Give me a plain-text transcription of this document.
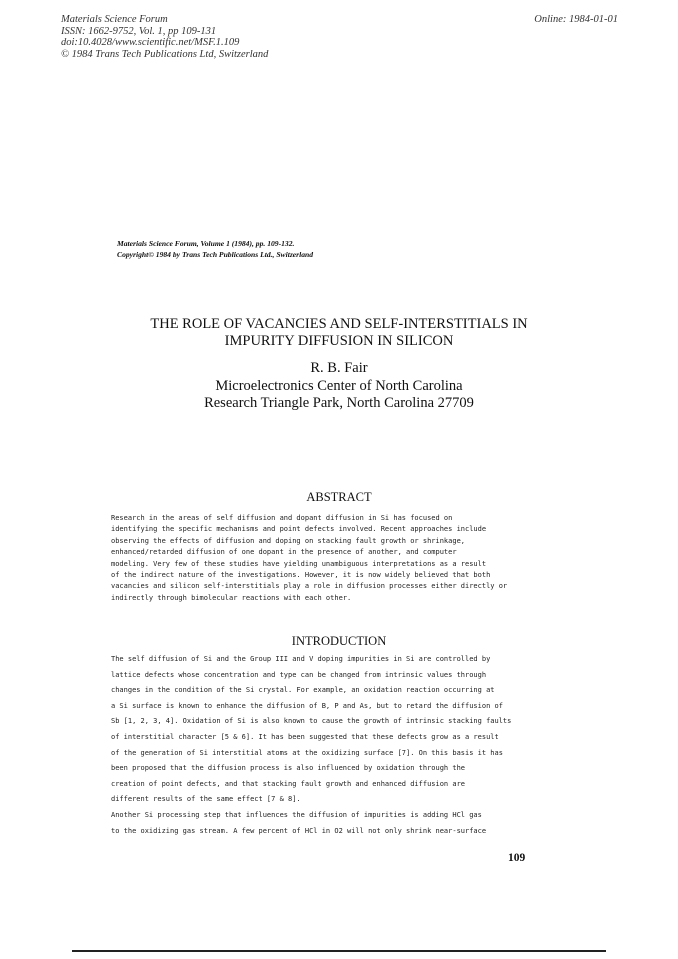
Materials Science Forum
ISSN: 1662-9752, Vol. 1, pp 109-131
doi:10.4028/www.scientific.net/MSF.1.109
© 1984 Trans Tech Publications Ltd, Switzerland
Online: 1984-01-01
Materials Science Forum, Volume 1 (1984), pp. 109-132.
Copyright© 1984 by Trans Tech Publications Ltd., Switzerland
THE ROLE OF VACANCIES AND SELF-INTERSTITIALS IN
IMPURITY DIFFUSION IN SILICON
R. B. Fair
Microelectronics Center of North Carolina
Research Triangle Park, North Carolina 27709
ABSTRACT
Research in the areas of self diffusion and dopant diffusion in Si has focused on
identifying the specific mechanisms and point defects involved. Recent approaches include
observing the effects of diffusion and doping on stacking fault growth or shrinkage,
enhanced/retarded diffusion of one dopant in the presence of another, and computer
modeling. Very few of these studies have yielding unambiguous interpretations as a result
of the indirect nature of the investigations. However, it is now widely believed that both
vacancies and silicon self-interstitials play a role in diffusion processes either directly or
indirectly through bimolecular reactions with each other.
INTRODUCTION
The self diffusion of Si and the Group III and V doping impurities in Si are controlled by
lattice defects whose concentration and type can be changed from intrinsic values through
changes in the condition of the Si crystal. For example, an oxidation reaction occurring at
a Si surface is known to enhance the diffusion of B, P and As, but to retard the diffusion of
Sb [1, 2, 3, 4]. Oxidation of Si is also known to cause the growth of intrinsic stacking faults
of interstitial character [5 & 6]. It has been suggested that these defects grow as a result
of the generation of Si interstitial atoms at the oxidizing surface [7]. On this basis it has
been proposed that the diffusion process is also influenced by oxidation through the
creation of point defects, and that stacking fault growth and enhanced diffusion are
different results of the same effect [7 & 8].
Another Si processing step that influences the diffusion of impurities is adding HCl gas
to the oxidizing gas stream. A few percent of HCl in O2 will not only shrink near-surface
109
